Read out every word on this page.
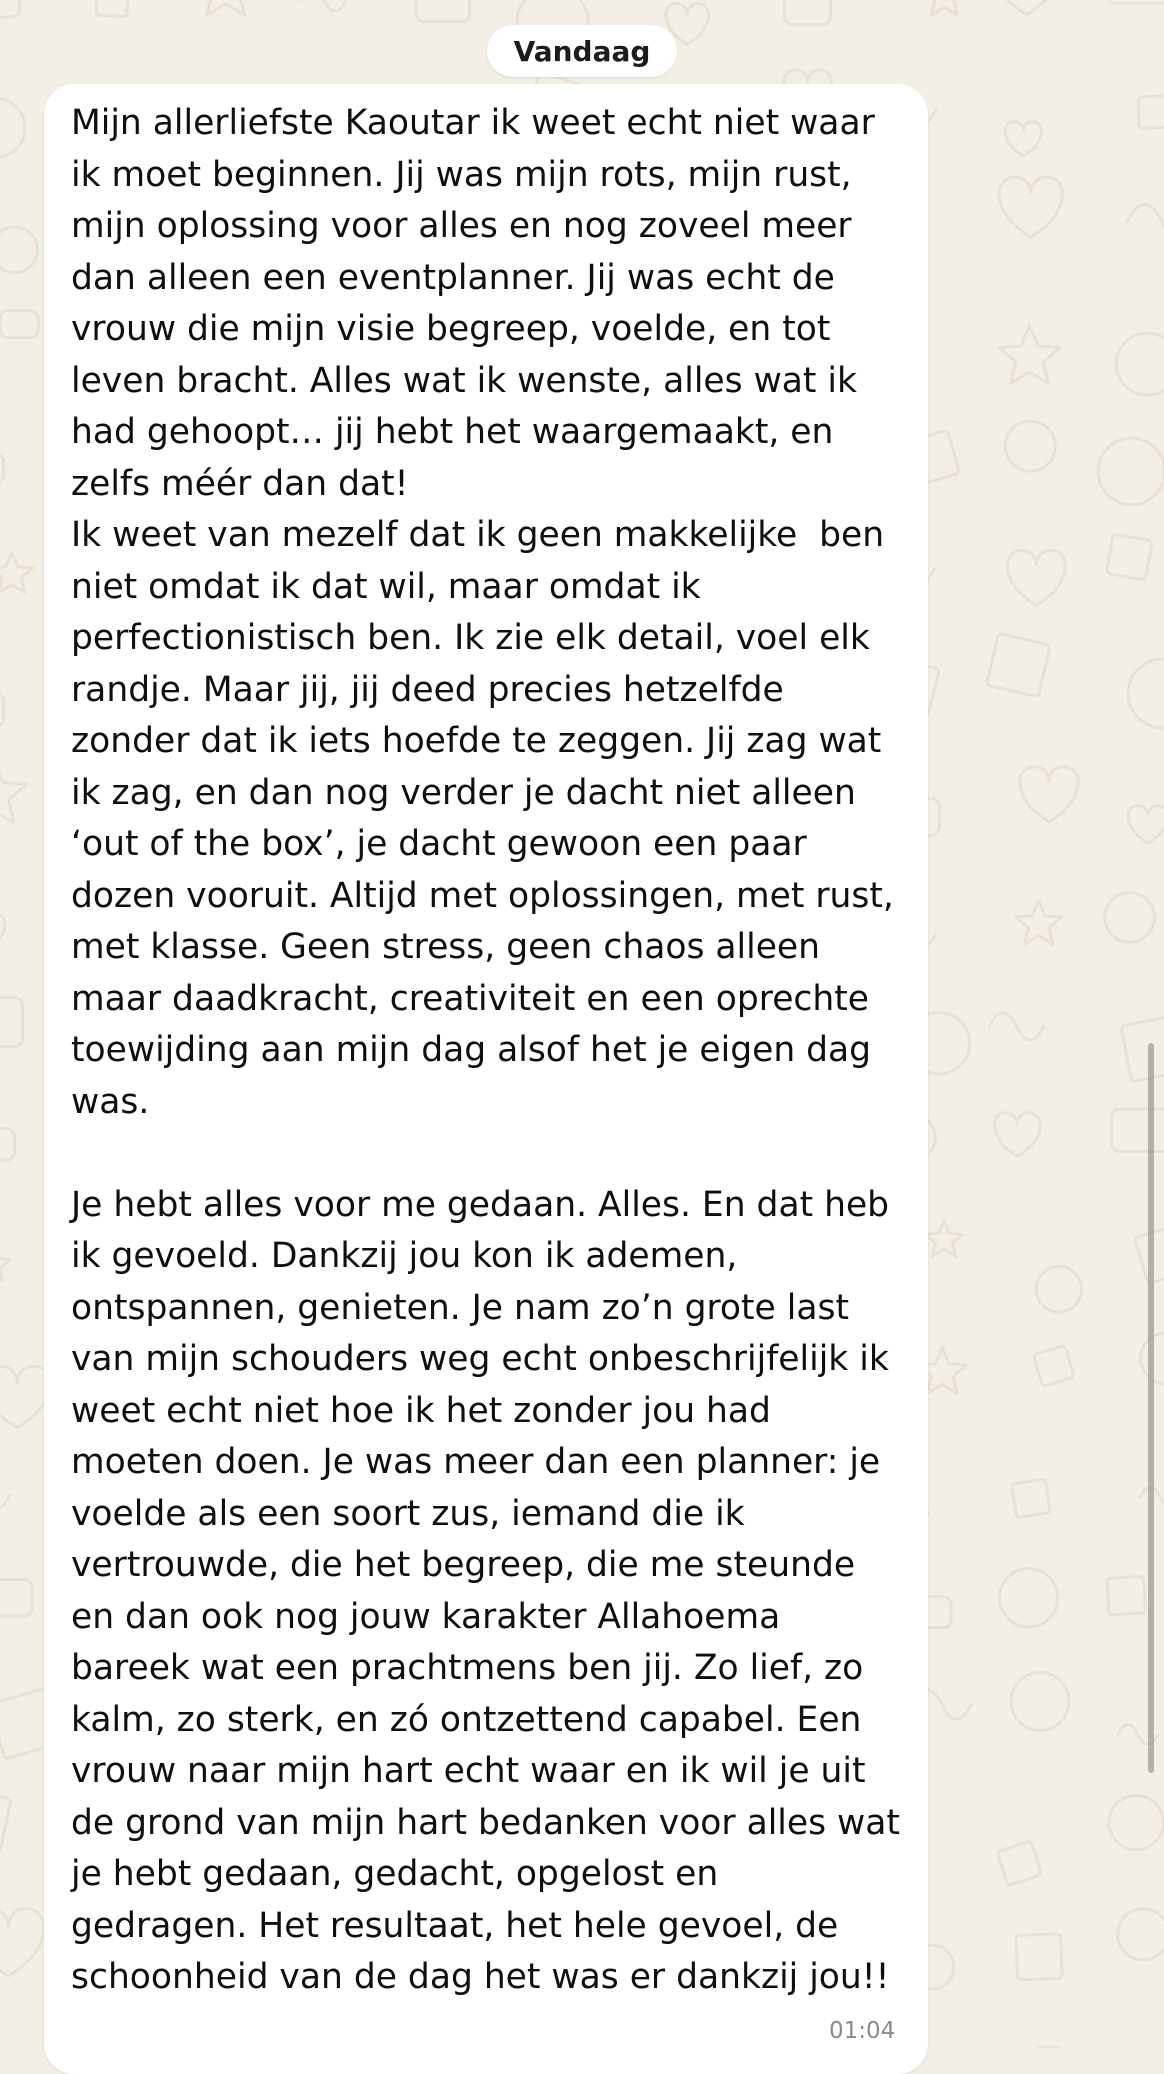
Vandaag

Mijn allerliefste Kaoutar ik weet echt niet waar
ik moet beginnen. Jij was mijn rots, mijn rust,
mijn oplossing voor alles en nog zoveel meer
dan alleen een eventplanner. Jij was echt de
vrouw die mijn visie begreep, voelde, en tot
leven bracht. Alles wat ik wenste, alles wat ik
had gehoopt… jij hebt het waargemaakt, en
zelfs méér dan dat!
Ik weet van mezelf dat ik geen makkelijke  ben
niet omdat ik dat wil, maar omdat ik
perfectionistisch ben. Ik zie elk detail, voel elk
randje. Maar jij, jij deed precies hetzelfde
zonder dat ik iets hoefde te zeggen. Jij zag wat
ik zag, en dan nog verder je dacht niet alleen
‘out of the box’, je dacht gewoon een paar
dozen vooruit. Altijd met oplossingen, met rust,
met klasse. Geen stress, geen chaos alleen
maar daadkracht, creativiteit en een oprechte
toewijding aan mijn dag alsof het je eigen dag
was.

Je hebt alles voor me gedaan. Alles. En dat heb
ik gevoeld. Dankzij jou kon ik ademen,
ontspannen, genieten. Je nam zo’n grote last
van mijn schouders weg echt onbeschrijfelijk ik
weet echt niet hoe ik het zonder jou had
moeten doen. Je was meer dan een planner: je
voelde als een soort zus, iemand die ik
vertrouwde, die het begreep, die me steunde
en dan ook nog jouw karakter Allahoema
bareek wat een prachtmens ben jij. Zo lief, zo
kalm, zo sterk, en zó ontzettend capabel. Een
vrouw naar mijn hart echt waar en ik wil je uit
de grond van mijn hart bedanken voor alles wat
je hebt gedaan, gedacht, opgelost en
gedragen. Het resultaat, het hele gevoel, de
schoonheid van de dag het was er dankzij jou!!

01:04
